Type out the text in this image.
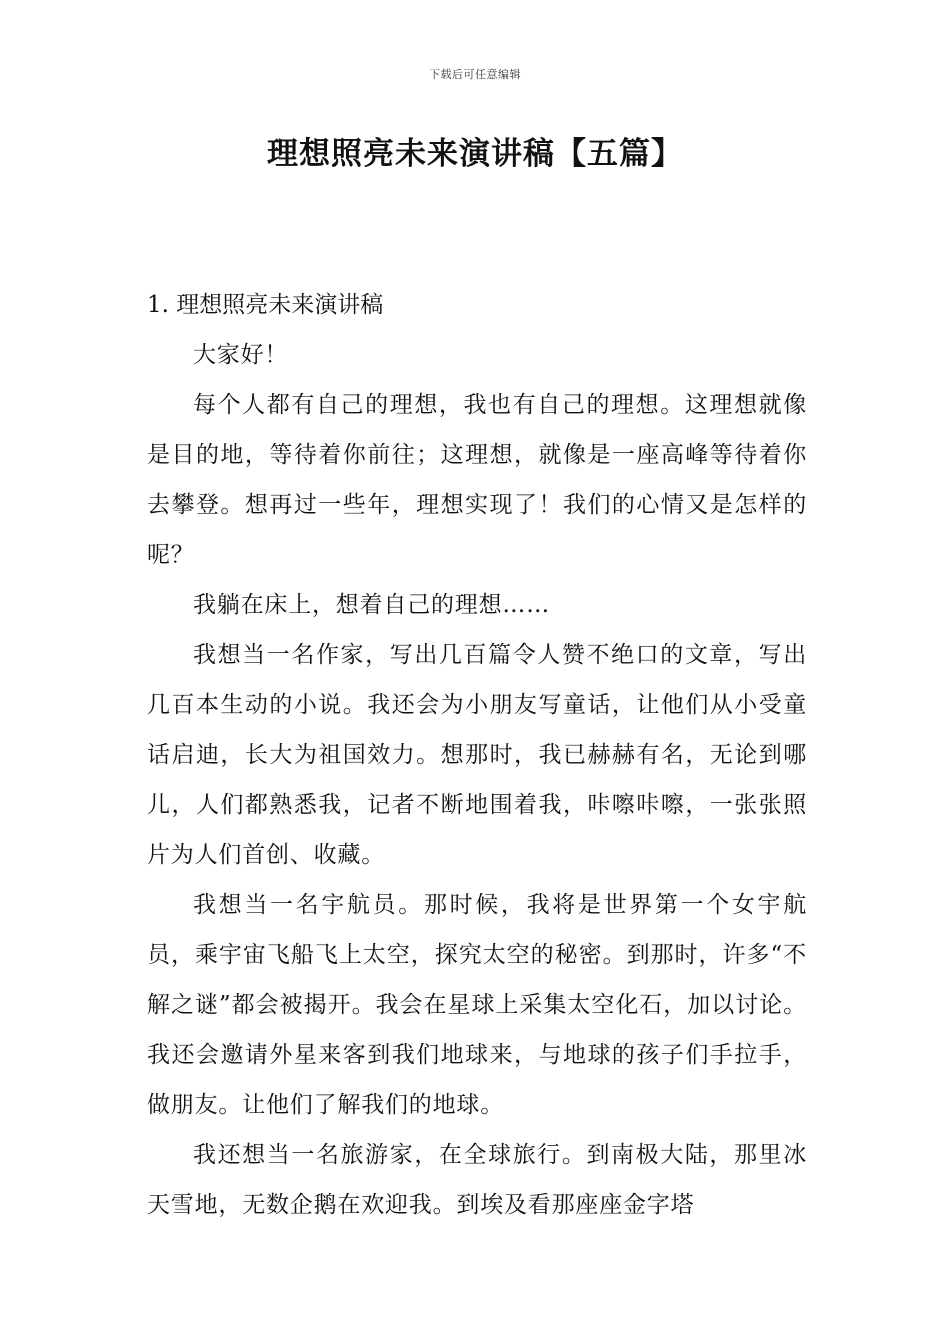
下载后可任意编辑
理想照亮未来演讲稿【五篇】
1. 理想照亮未来演讲稿

大家好！

每个人都有自己的理想，我也有自己的理想。这理想就像是目的地，等待着你前往；这理想，就像是一座高峰等待着你去攀登。想再过一些年，理想实现了！我们的心情又是怎样的呢？

我躺在床上，想着自己的理想……

我想当一名作家，写出几百篇令人赞不绝口的文章，写出几百本生动的小说。我还会为小朋友写童话，让他们从小受童话启迪，长大为祖国效力。想那时，我已赫赫有名，无论到哪儿，人们都熟悉我，记者不断地围着我，咔嚓咔嚓，一张张照片为人们首创、收藏。

我想当一名宇航员。那时候，我将是世界第一个女宇航员，乘宇宙飞船飞上太空，探究太空的秘密。到那时，许多“不解之谜”都会被揭开。我会在星球上采集太空化石，加以讨论。我还会邀请外星来客到我们地球来，与地球的孩子们手拉手，做朋友。让他们了解我们的地球。

我还想当一名旅游家，在全球旅行。到南极大陆，那里冰天雪地，无数企鹅在欢迎我。到埃及看那座座金字塔
